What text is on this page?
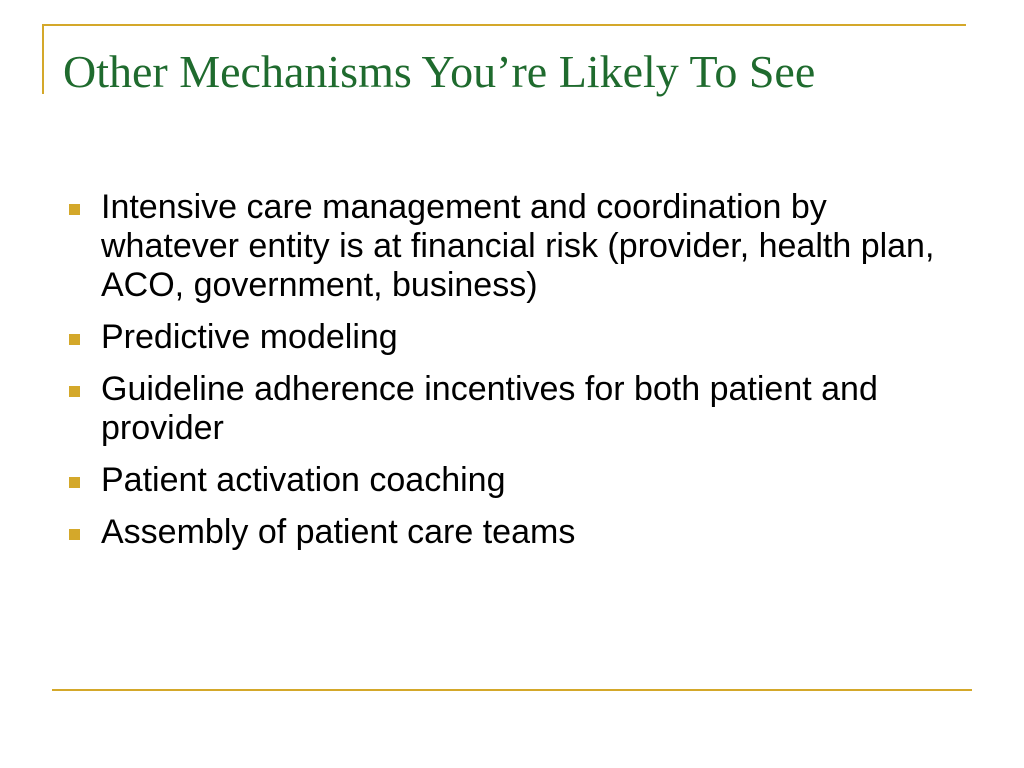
Other Mechanisms You’re Likely To See
Intensive care management and coordination by whatever entity is at financial risk (provider, health plan, ACO, government, business)
Predictive modeling
Guideline adherence incentives for both patient and provider
Patient activation coaching
Assembly of patient care teams
